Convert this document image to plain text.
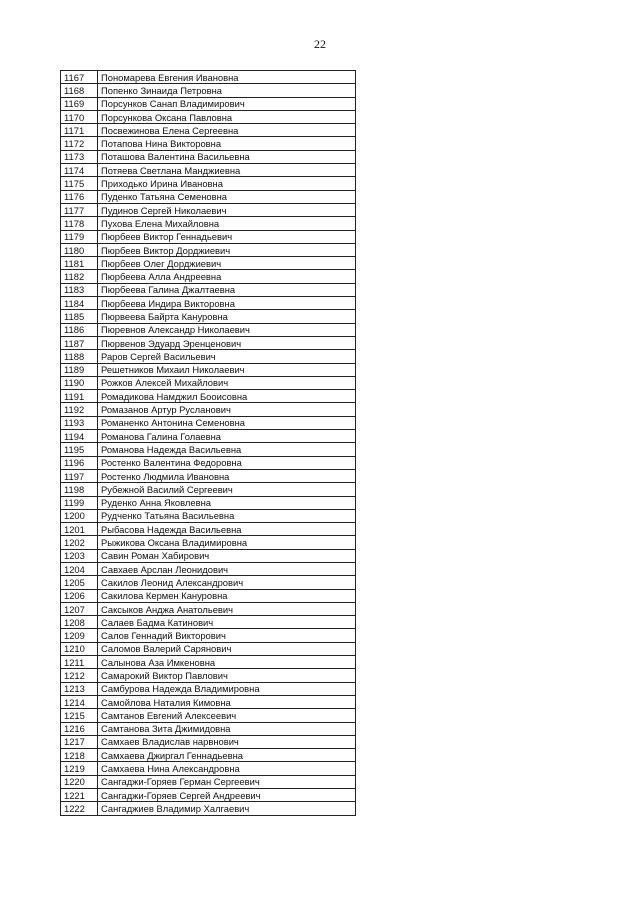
22
1167	Пономарева Евгения Ивановна
1168	Попенко Зинаида Петровна
1169	Порсунков Санап Владимирович
1170	Порсункова Оксана Павловна
1171	Посвежинова Елена Сергеевна
1172	Потапова Нина Викторовна
1173	Поташова Валентина Васильевна
1174	Потяева Светлана Манджиевна
1175	Приходько Ирина Ивановна
1176	Пуденко Татьяна Семеновна
1177	Пудинов Сергей Николаевич
1178	Пухова Елена Михайловна
1179	Пюрбеев Виктор Геннадьевич
1180	Пюрбеев Виктор Дорджиевич
1181	Пюрбеев Олег Дорджиевич
1182	Пюрбеева Алла Андреевна
1183	Пюрбеева Галина Джалтаевна
1184	Пюрбеева Индира Викторовна
1185	Пюрвеева Байрта Кануровна
1186	Пюревнов Александр Николаевич
1187	Пюрвенов Эдуард Эренценович
1188	Раров Сергей Васильевич
1189	Решетников Михаил Николаевич
1190	Рожков Алексей Михайлович
1191	Ромадикова Намджил Бооисовна
1192	Ромазанов Артур Русланович
1193	Романенко Антонина Семеновна
1194	Романова Галина Голаевна
1195	Романова Надежда Васильевна
1196	Ростенко Валентина Федоровна
1197	Ростенко Людмила Ивановна
1198	Рубежной Василий Сергеевич
1199	Руденко Анна Яковлевна
1200	Рудченко Татьяна Васильевна
1201	Рыбасова Надежда Васильевна
1202	Рыжикова Оксана Владимировна
1203	Савин Роман Хабирович
1204	Савхаев Арслан Леонидович
1205	Сакилов Леонид Александрович
1206	Сакилова Кермен Кануровна
1207	Саксыков Анджа Анатольевич
1208	Салаев Бадма Катинович
1209	Салов Геннадий Викторович
1210	Саломов Валерий Сарянович
1211	Салынова Аза Имкеновна
1212	Самарокий Виктор Павлович
1213	Самбурова Надежда Владимировна
1214	Самойлова Наталия Кимовна
1215	Самтанов Евгений Алексеевич
1216	Самтанова Зита Джимидовна
1217	Самхаев Владислав нарвнович
1218	Самхаева Джиргал Геннадьевна
1219	Самхаева Нина Александровна
1220	Сангаджи-Горяев Герман Сергеевич
1221	Сангаджи-Горяев Сергей Андреевич
1222	Сангаджиев Владимир Халгаевич
